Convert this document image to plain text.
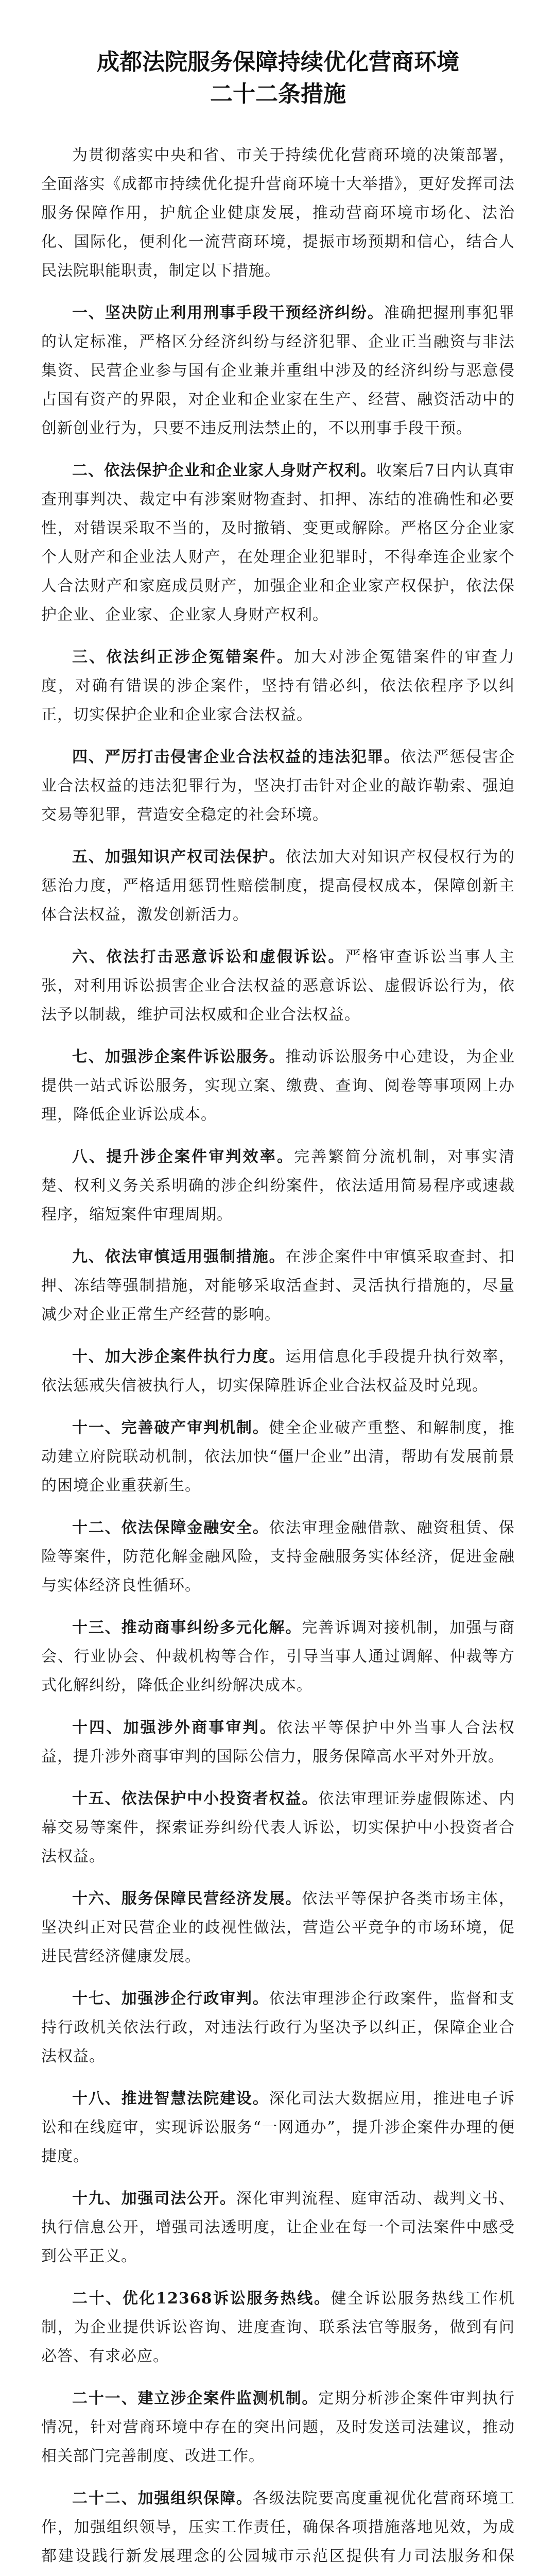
成都法院服务保障持续优化营商环境
二十二条措施

为贯彻落实中央和省、市关于持续优化营商环境的决策部署，全面落实《成都市持续优化提升营商环境十大举措》，更好发挥司法服务保障作用，护航企业健康发展，推动营商环境市场化、法治化、国际化，便利化一流营商环境，提振市场预期和信心，结合人民法院职能职责，制定以下措施。

一、坚决防止利用刑事手段干预经济纠纷。准确把握刑事犯罪的认定标准，严格区分经济纠纷与经济犯罪、企业正当融资与非法集资、民营企业参与国有企业兼并重组中涉及的经济纠纷与恶意侵占国有资产的界限，对企业和企业家在生产、经营、融资活动中的创新创业行为，只要不违反刑法禁止的，不以刑事手段干预。

二、依法保护企业和企业家人身财产权利。收案后7日内认真审查刑事判决、裁定中有涉案财物查封、扣押、冻结的准确性和必要性，对错误采取不当的，及时撤销、变更或解除。严格区分企业家个人财产和企业法人财产，在处理企业犯罪时，不得牵连企业家个人合法财产和家庭成员财产，加强企业和企业家产权保护，依法保护企业、企业家、企业家人身财产权利。

三、依法纠正涉企冤错案件。加大对涉企冤错案件的审查力度，对确有错误的涉企案件，坚持有错必纠，依法依程序予以纠正，切实保护企业和企业家合法权益。

四、严厉打击侵害企业合法权益的违法犯罪。依法严惩侵害企业合法权益的违法犯罪行为，坚决打击针对企业的敲诈勒索、强迫交易等犯罪，营造安全稳定的社会环境。

五、加强知识产权司法保护。依法加大对知识产权侵权行为的惩治力度，严格适用惩罚性赔偿制度，提高侵权成本，保障创新主体合法权益，激发创新活力。

六、依法打击恶意诉讼和虚假诉讼。严格审查诉讼当事人主张，对利用诉讼损害企业合法权益的恶意诉讼、虚假诉讼行为，依法予以制裁，维护司法权威和企业合法权益。

七、加强涉企案件诉讼服务。推动诉讼服务中心建设，为企业提供一站式诉讼服务，实现立案、缴费、查询、阅卷等事项网上办理，降低企业诉讼成本。

八、提升涉企案件审判效率。完善繁简分流机制，对事实清楚、权利义务关系明确的涉企纠纷案件，依法适用简易程序或速裁程序，缩短案件审理周期。

九、依法审慎适用强制措施。在涉企案件中审慎采取查封、扣押、冻结等强制措施，对能够采取活查封、灵活执行措施的，尽量减少对企业正常生产经营的影响。

十、加大涉企案件执行力度。运用信息化手段提升执行效率，依法惩戒失信被执行人，切实保障胜诉企业合法权益及时兑现。

十一、完善破产审判机制。健全企业破产重整、和解制度，推动建立府院联动机制，依法加快“僵尸企业”出清，帮助有发展前景的困境企业重获新生。

十二、依法保障金融安全。依法审理金融借款、融资租赁、保险等案件，防范化解金融风险，支持金融服务实体经济，促进金融与实体经济良性循环。

十三、推动商事纠纷多元化解。完善诉调对接机制，加强与商会、行业协会、仲裁机构等合作，引导当事人通过调解、仲裁等方式化解纠纷，降低企业纠纷解决成本。

十四、加强涉外商事审判。依法平等保护中外当事人合法权益，提升涉外商事审判的国际公信力，服务保障高水平对外开放。

十五、依法保护中小投资者权益。依法审理证券虚假陈述、内幕交易等案件，探索证券纠纷代表人诉讼，切实保护中小投资者合法权益。

十六、服务保障民营经济发展。依法平等保护各类市场主体，坚决纠正对民营企业的歧视性做法，营造公平竞争的市场环境，促进民营经济健康发展。

十七、加强涉企行政审判。依法审理涉企行政案件，监督和支持行政机关依法行政，对违法行政行为坚决予以纠正，保障企业合法权益。

十八、推进智慧法院建设。深化司法大数据应用，推进电子诉讼和在线庭审，实现诉讼服务“一网通办”，提升涉企案件办理的便捷度。

十九、加强司法公开。深化审判流程、庭审活动、裁判文书、执行信息公开，增强司法透明度，让企业在每一个司法案件中感受到公平正义。

二十、优化12368诉讼服务热线。健全诉讼服务热线工作机制，为企业提供诉讼咨询、进度查询、联系法官等服务，做到有问必答、有求必应。

二十一、建立涉企案件监测机制。定期分析涉企案件审判执行情况，针对营商环境中存在的突出问题，及时发送司法建议，推动相关部门完善制度、改进工作。

二十二、加强组织保障。各级法院要高度重视优化营商环境工作，加强组织领导，压实工作责任，确保各项措施落地见效，为成都建设践行新发展理念的公园城市示范区提供有力司法服务和保
